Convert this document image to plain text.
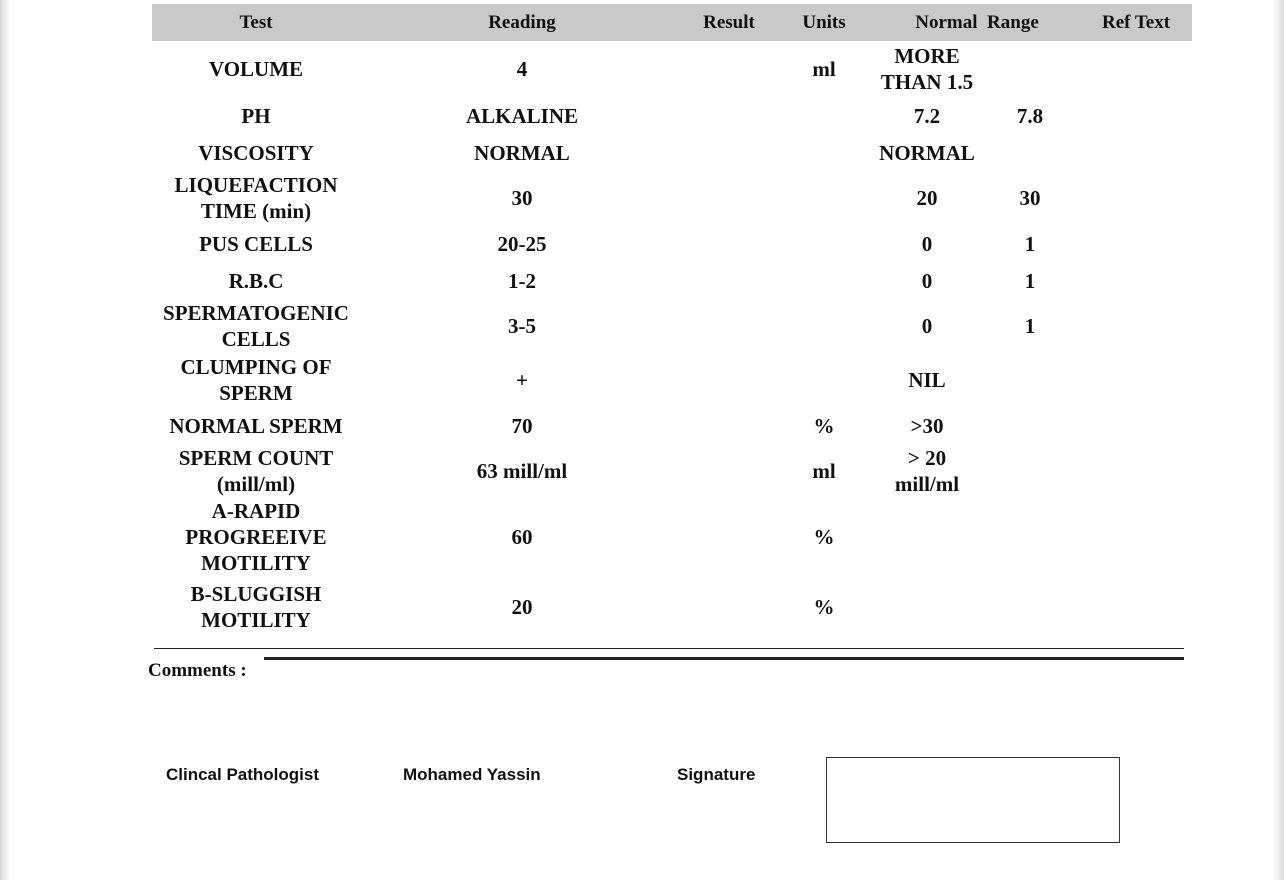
Test	Reading	Result	Units	Normal  Range		Ref Text
VOLUME	4		ml	MORE THAN 1.5		
PH	ALKALINE			7.2	7.8	
VISCOSITY	NORMAL			NORMAL		
LIQUEFACTION TIME (min)	30			20	30	
PUS CELLS	20-25			0	1	
R.B.C	1-2			0	1	
SPERMATOGENIC CELLS	3-5			0	1	
CLUMPING OF SPERM	+			NIL		
NORMAL SPERM	70		%	>30		
SPERM COUNT (mill/ml)	63 mill/ml		ml	> 20 mill/ml		
A-RAPID PROGREEIVE MOTILITY	60		%			
B-SLUGGISH MOTILITY	20		%			
Comments :
Clincal Pathologist	Mohamed Yassin	Signature
